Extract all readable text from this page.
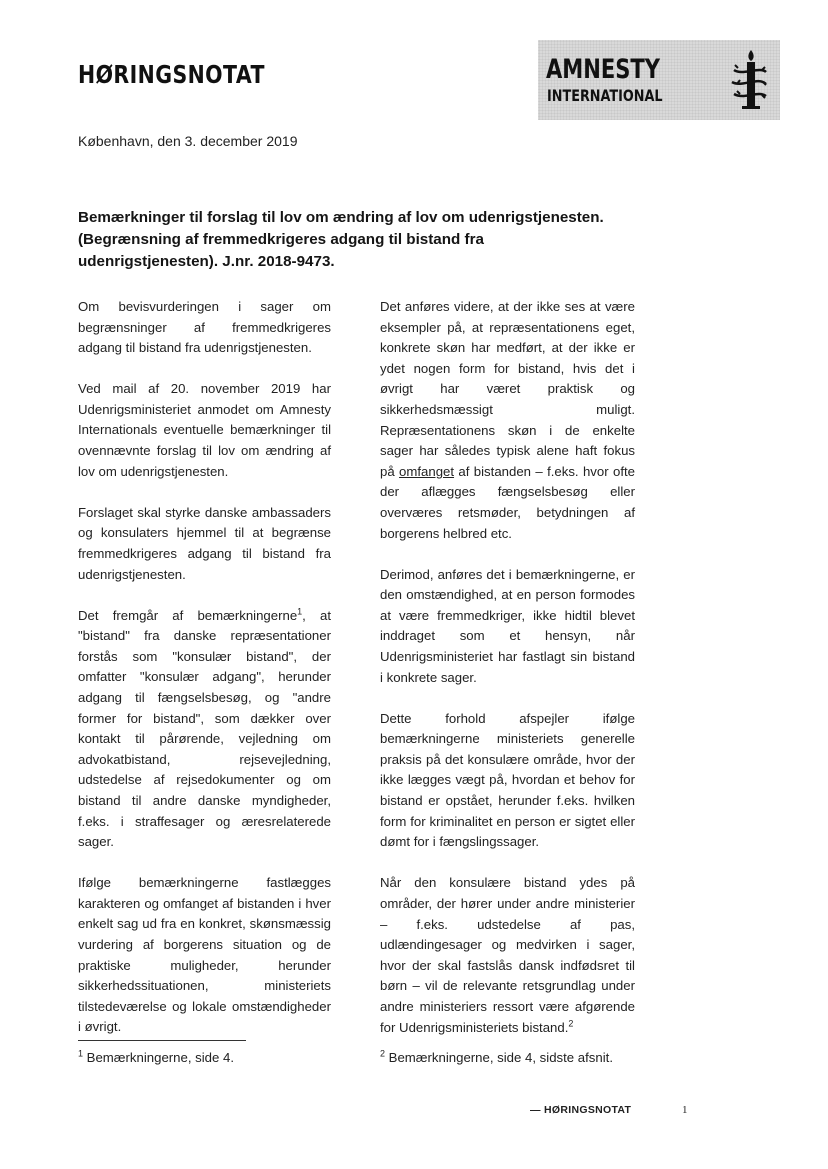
HØRINGSNOTAT	AMNESTY
INTERNATIONAL
København, den 3. december 2019
Bemærkninger til forslag til lov om ændring af lov om udenrigstjenesten. (Begrænsning af fremmedkrigeres adgang til bistand fra udenrigstjenesten). J.nr. 2018-9473.

Om bevisvurderingen i sager om begrænsninger af fremmedkrigeres adgang til bistand fra udenrigstjenesten.

Ved mail af 20. november 2019 har Udenrigsministeriet anmodet om Amnesty Internationals eventuelle bemærkninger til ovennævnte forslag til lov om ændring af lov om udenrigstjenesten.

Forslaget skal styrke danske ambassaders og konsulaters hjemmel til at begrænse fremmedkrigeres adgang til bistand fra udenrigstjenesten.

Det fremgår af bemærkningerne$^1$, at "bistand" fra danske repræsentationer forstås som "konsulær bistand", der omfatter "konsulær adgang", herunder adgang til fængselsbesøg, og "andre former for bistand", som dækker over kontakt til pårørende, vejledning om advokatbistand, rejsevejledning, udstedelse af rejsedokumenter og om bistand til andre danske myndigheder, f.eks. i straffesager og æresrelaterede sager.

Ifølge bemærkningerne fastlægges karakteren og omfanget af bistanden i hver enkelt sag ud fra en konkret, skønsmæssig vurdering af borgerens situation og de praktiske muligheder, herunder sikkerhedssituationen, ministeriets tilstedeværelse og lokale omstændigheder i øvrigt.

Det anføres videre, at der ikke ses at være eksempler på, at repræsentationens eget, konkrete skøn har medført, at der ikke er ydet nogen form for bistand, hvis det i øvrigt har været praktisk og sikkerhedsmæssigt muligt. Repræsentationens skøn i de enkelte sager har således typisk alene haft fokus på omfanget af bistanden – f.eks. hvor ofte der aflægges fængselsbesøg eller overværes retsmøder, betydningen af borgerens helbred etc.

Derimod, anføres det i bemærkningerne, er den omstændighed, at en person formodes at være fremmedkriger, ikke hidtil blevet inddraget som et hensyn, når Udenrigsministeriet har fastlagt sin bistand i konkrete sager.

Dette forhold afspejler ifølge bemærkningerne ministeriets generelle praksis på det konsulære område, hvor der ikke lægges vægt på, hvordan et behov for bistand er opstået, herunder f.eks. hvilken form for kriminalitet en person er sigtet eller dømt for i fængslingssager.

Når den konsulære bistand ydes på områder, der hører under andre ministerier – f.eks. udstedelse af pas, udlændingesager og medvirken i sager, hvor der skal fastslås dansk indfødsret til børn – vil de relevante retsgrundlag under andre ministeriers ressort være afgørende for Udenrigsministeriets bistand.$^2$

$^1$ Bemærkningerne, side 4.	$^2$ Bemærkningerne, side 4, sidste afsnit.
— HØRINGSNOTAT	1
